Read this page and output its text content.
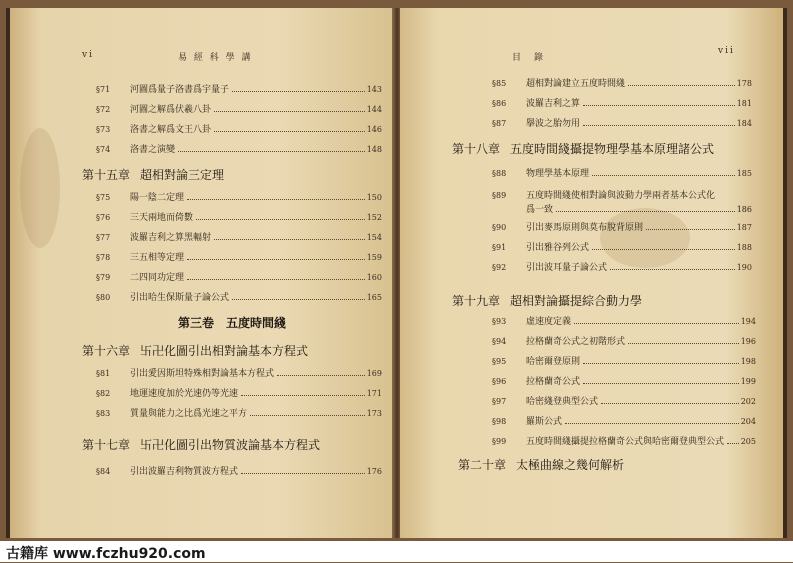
vi	易 經 科 學 講
第十五章 超相對論三定理
第三卷　五度時間綫
第十六章 卐卍化圖引出相對論基本方程式
第十七章 卐卍化圖引出物質波論基本方程式
§71	河圖爲量子洛書爲宇量子	143
§72	河圖之解爲伏羲八卦	144
§73	洛書之解爲文王八卦	146
§74	洛書之演變	148
§75	陽一陰二定理	150
§76	三天兩地而倚數	152
§77	波羅吉利之算黑輻射	154
§78	三五相等定理	159
§79	二四同功定理	160
§80	引出哈生保斯量子論公式	165
§81	引出愛因斯坦特殊相對論基本方程式	169
§82	地運速度加於光速仍等光速	171
§83	質量與能力之比爲光速之平方	173
§84	引出波羅吉利物質波方程式	176
目　錄
vii
第十八章 五度時間綫攝提物理學基本原理諸公式
§89	五度時間綫使相對論與波動力學兩者基本公式化
爲一致	186
第十九章 超相對論攝提綜合動力學
第二十章 太極曲線之幾何解析
§85	超相對論建立五度時間綫	178
§86	波羅吉利之算	181
§87	擧波之胎勿用	184
§88	物理學基本原理	185
§90	引出麥馬原則與莫布脫背原則	187
§91	引出雅谷列公式	188
§92	引出波耳量子論公式	190
§93	虛速度定義	194
§94	拉格蘭奇公式之初階形式	196
§95	哈密爾登原則	198
§96	拉格蘭奇公式	199
§97	哈密綫登典型公式	202
§98	羅斯公式	204
§99	五度時間綫攝提拉格蘭奇公式與哈密爾登典型公式 205
古籍库 www.fczhu920.com
